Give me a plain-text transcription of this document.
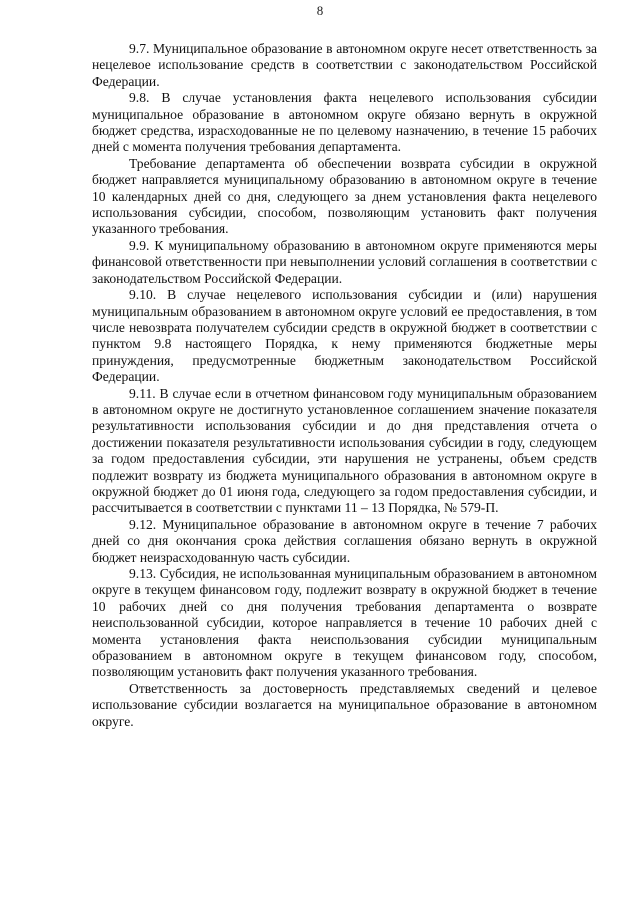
8

9.7. Муниципальное образование в автономном округе несет ответственность за нецелевое использование средств в соответствии с законодательством Российской Федерации.

9.8. В случае установления факта нецелевого использования субсидии муниципальное образование в автономном округе обязано вернуть в окружной бюджет средства, израсходованные не по целевому назначению, в течение 15 рабочих дней с момента получения требования департамента.

Требование департамента об обеспечении возврата субсидии в окружной бюджет направляется муниципальному образованию в автономном округе в течение 10 календарных дней со дня, следующего за днем установления факта нецелевого использования субсидии, способом, позволяющим установить факт получения указанного требования.

9.9. К муниципальному образованию в автономном округе применяются меры финансовой ответственности при невыполнении условий соглашения в соответствии с законодательством Российской Федерации.

9.10. В случае нецелевого использования субсидии и (или) нарушения муниципальным образованием в автономном округе условий ее предоставления, в том числе невозврата получателем субсидии средств в окружной бюджет в соответствии с пунктом 9.8 настоящего Порядка, к нему применяются бюджетные меры принуждения, предусмотренные бюджетным законодательством Российской Федерации.

9.11. В случае если в отчетном финансовом году муниципальным образованием в автономном округе не достигнуто установленное соглашением значение показателя результативности использования субсидии и до дня представления отчета о достижении показателя результативности использования субсидии в году, следующем за годом предоставления субсидии, эти нарушения не устранены, объем средств подлежит возврату из бюджета муниципального образования в автономном округе в окружной бюджет до 01 июня года, следующего за годом предоставления субсидии, и рассчитывается в соответствии с пунктами 11 – 13 Порядка, № 579-П.

9.12. Муниципальное образование в автономном округе в течение 7 рабочих дней со дня окончания срока действия соглашения обязано вернуть в окружной бюджет неизрасходованную часть субсидии.

9.13. Субсидия, не использованная муниципальным образованием в автономном округе в текущем финансовом году, подлежит возврату в окружной бюджет в течение 10 рабочих дней со дня получения требования департамента о возврате неиспользованной субсидии, которое направляется в течение 10 рабочих дней с момента установления факта неиспользования субсидии муниципальным образованием в автономном округе в текущем финансовом году, способом, позволяющим установить факт получения указанного требования.

Ответственность за достоверность представляемых сведений и целевое использование субсидии возлагается на муниципальное образование в автономном округе.
